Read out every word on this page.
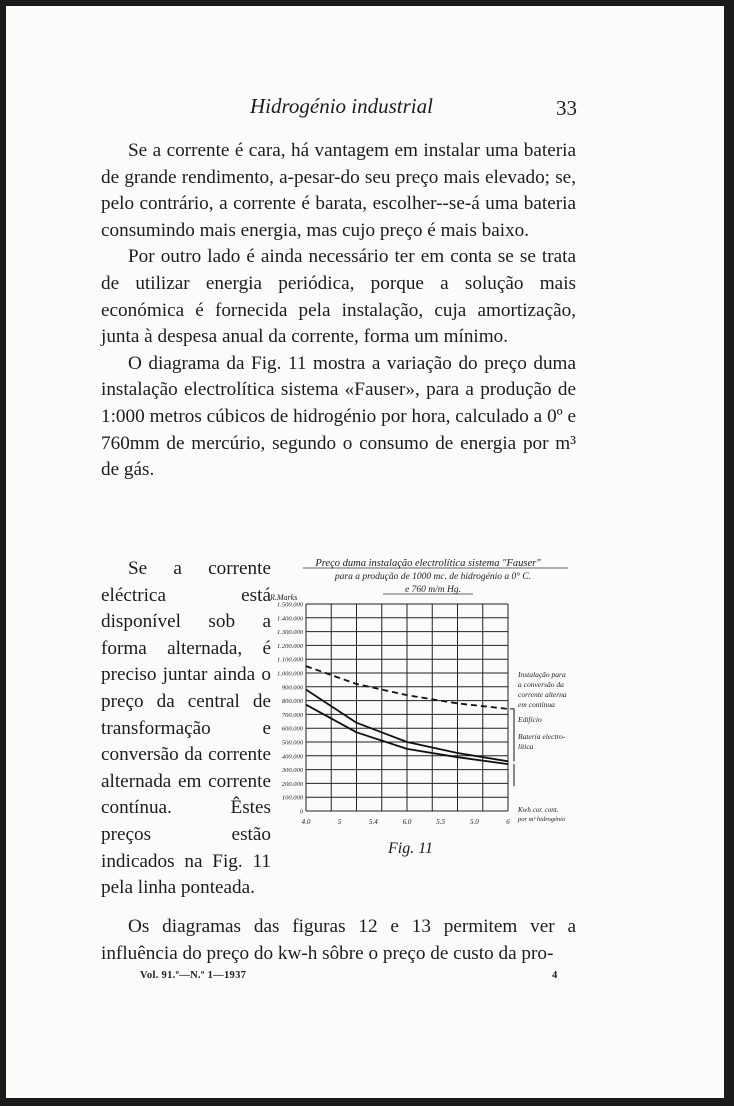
Hidrogénio industrial	33

Se a corrente é cara, há vantagem em instalar uma bateria de grande rendimento, a-pesar-do seu preço mais elevado; se, pelo contrário, a corrente é barata, escolher--se-á uma bateria consumindo mais energia, mas cujo preço é mais baixo.

Por outro lado é ainda necessário ter em conta se se trata de utilizar energia periódica, porque a solução mais económica é fornecida pela instalação, cuja amortização, junta à despesa anual da corrente, forma um mínimo.

O diagrama da Fig. 11 mostra a variação do preço duma instalação electrolítica sistema «Fauser», para a produção de 1:000 metros cúbicos de hidrogénio por hora, calculado a 0º e 760mm de mercúrio, segundo o consumo de energia por m³ de gás.

Se a corrente eléctrica está disponível sob a forma alternada, é preciso juntar ainda o preço da central de transformação e conversão da corrente alternada em corrente contínua. Êstes preços estão indicados na Fig. 11 pela linha ponteada.

Preço duma instalação electrolítica sistema "Fauser"
para a produção de 1000 mc. de hidrogénio a 0° C.
e 760 m/m Hg.
R.Marks
0
100.000
200.000
300.000
400.000
500.000
600.000
700.000
800.000
900.000
1.000.000
1.100.000
1.200.000
1.300.000
1.400.000
1.500.000
4.0	5	5.4	6.0	5.5	5.0	6
Instalação para
a conversão da
corrente alterna
em contínua
Edifício
Bateria electro-
lítica
Kwh cor. cont.
por m³ hidrogénio
Fig. 11

Os diagramas das figuras 12 e 13 permitem ver a influência do preço do kw-h sôbre o preço de custo da pro-

Vol. 91.º—N.º 1—1937	4
